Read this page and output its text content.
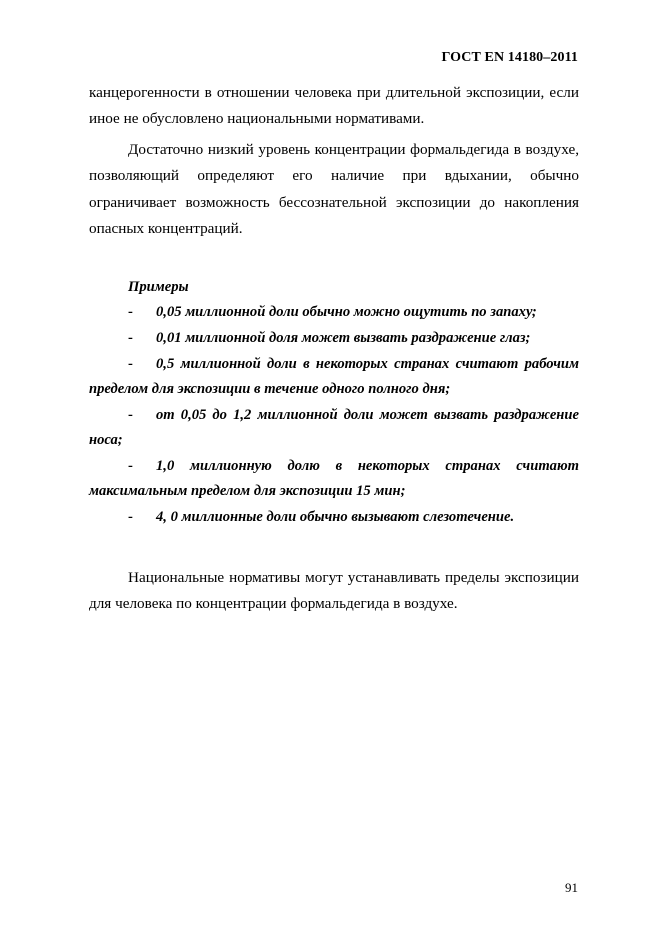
ГОСТ EN 14180–2011

канцерогенности в отношении человека при длительной экспозиции, если иное не обусловлено национальными нормативами.

Достаточно низкий уровень концентрации формальдегида в воздухе, позволяющий определяют его наличие при вдыхании, обычно ограничивает возможность бессознательной экспозиции до накопления опасных концентраций.

Примеры

- 0,05 миллионной доли обычно можно ощутить по запаху;

- 0,01 миллионной доля может вызвать раздражение глаз;

- 0,5 миллионной доли в некоторых странах считают рабочим пределом для экспозиции в течение одного полного дня;

- от 0,05 до 1,2 миллионной доли может вызвать раздражение носа;

- 1,0 миллионную долю в некоторых странах считают максимальным пределом для экспозиции 15 мин;

- 4, 0 миллионные доли обычно вызывают слезотечение.

Национальные нормативы могут устанавливать пределы экспозиции для человека по концентрации формальдегида в воздухе.

91
